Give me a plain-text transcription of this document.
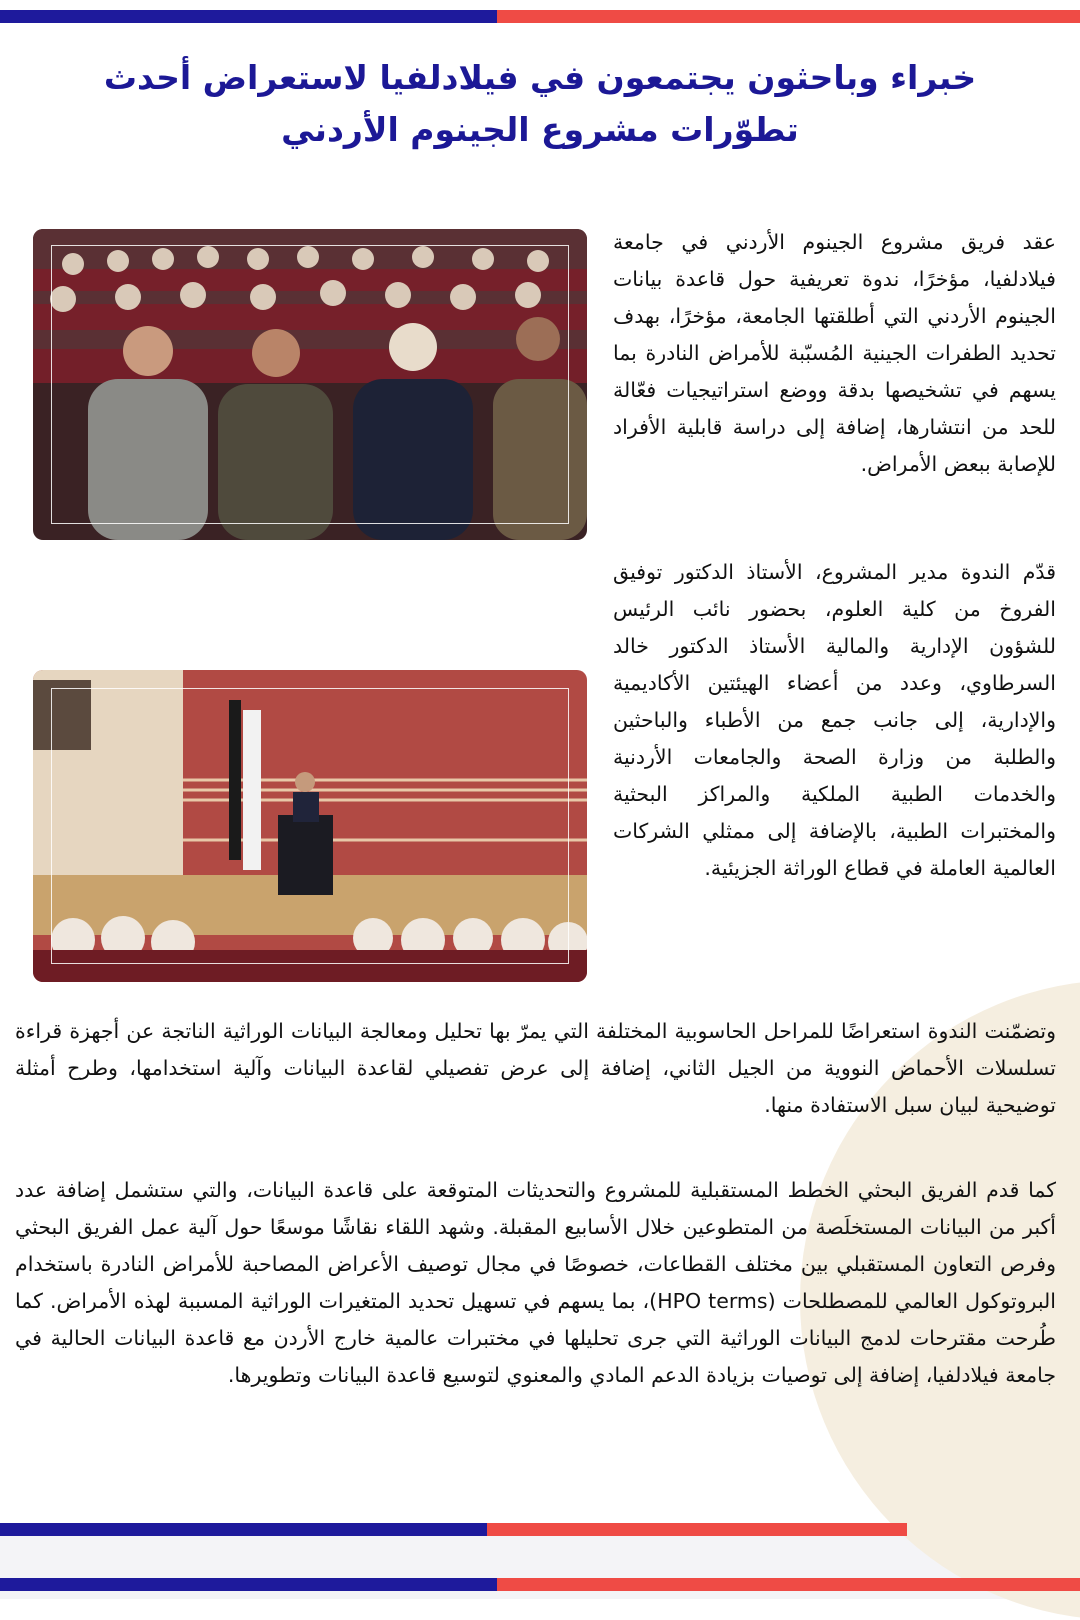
خبراء وباحثون يجتمعون في فيلادلفيا لاستعراض أحدث تطوّرات مشروع الجينوم الأردني
عقد فريق مشروع الجينوم الأردني في جامعة فيلادلفيا، مؤخرًا، ندوة تعريفية حول قاعدة بيانات الجينوم الأردني التي أطلقتها الجامعة، مؤخرًا، بهدف تحديد الطفرات الجينية المُسبّبة للأمراض النادرة بما يسهم في تشخيصها بدقة ووضع استراتيجيات فعّالة للحد من انتشارها، إضافة إلى دراسة قابلية الأفراد للإصابة ببعض الأمراض.
قدّم الندوة مدير المشروع، الأستاذ الدكتور توفيق الفروخ من كلية العلوم، بحضور نائب الرئيس للشؤون الإدارية والمالية الأستاذ الدكتور خالد السرطاوي، وعدد من أعضاء الهيئتين الأكاديمية والإدارية، إلى جانب جمع من الأطباء والباحثين والطلبة من وزارة الصحة والجامعات الأردنية والخدمات الطبية الملكية والمراكز البحثية والمختبرات الطبية، بالإضافة إلى ممثلي الشركات العالمية العاملة في قطاع الوراثة الجزيئية.
وتضمّنت الندوة استعراضًا للمراحل الحاسوبية المختلفة التي يمرّ بها تحليل ومعالجة البيانات الوراثية الناتجة عن أجهزة قراءة تسلسلات الأحماض النووية من الجيل الثاني، إضافة إلى عرض تفصيلي لقاعدة البيانات وآلية استخدامها، وطرح أمثلة توضيحية لبيان سبل الاستفادة منها.
كما قدم الفريق البحثي الخطط المستقبلية للمشروع والتحديثات المتوقعة على قاعدة البيانات، والتي ستشمل إضافة عدد أكبر من البيانات المستخلَصة من المتطوعين خلال الأسابيع المقبلة. وشهد اللقاء نقاشًا موسعًا حول آلية عمل الفريق البحثي وفرص التعاون المستقبلي بين مختلف القطاعات، خصوصًا في مجال توصيف الأعراض المصاحبة للأمراض النادرة باستخدام البروتوكول العالمي للمصطلحات (HPO terms)، بما يسهم في تسهيل تحديد المتغيرات الوراثية المسببة لهذه الأمراض. كما طُرحت مقترحات لدمج البيانات الوراثية التي جرى تحليلها في مختبرات عالمية خارج الأردن مع قاعدة البيانات الحالية في جامعة فيلادلفيا، إضافة إلى توصيات بزيادة الدعم المادي والمعنوي لتوسيع قاعدة البيانات وتطويرها.
